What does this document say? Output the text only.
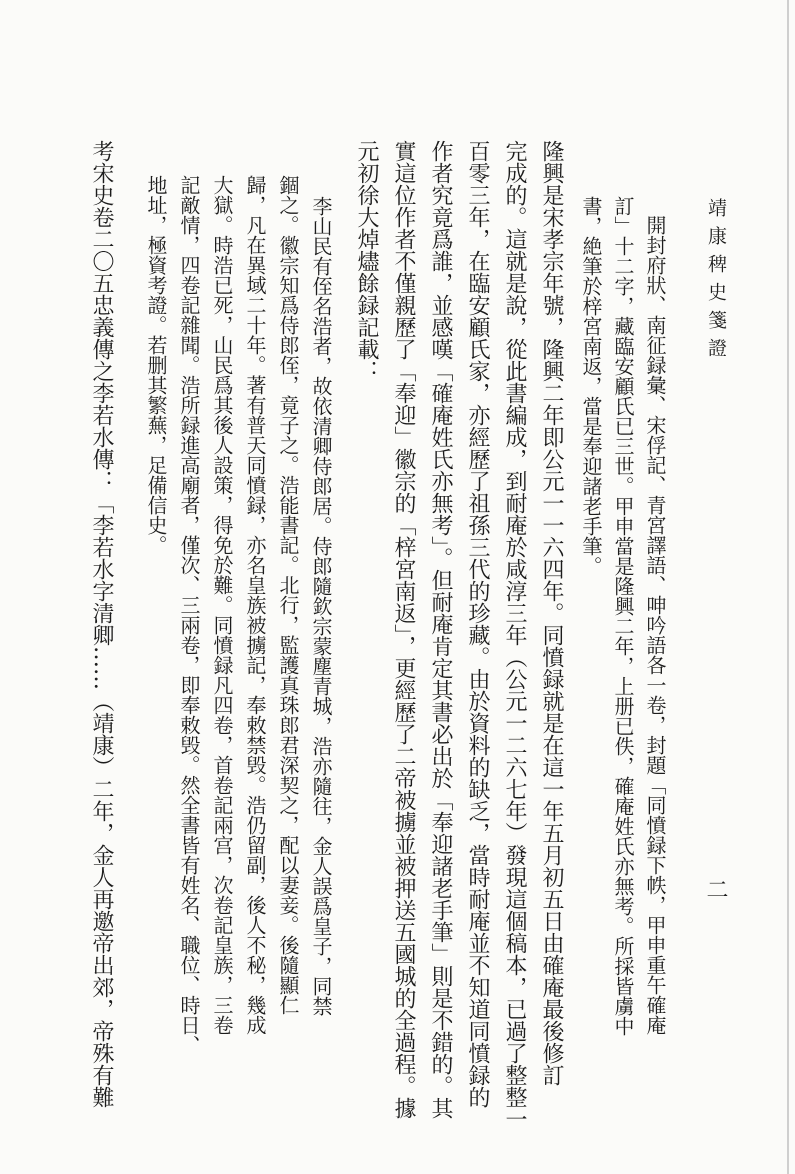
靖康稗史箋證
二
開封府狀、南征録彙、宋俘記、青宮譯語、呻吟語各一卷，封題「同憤録下帙，甲申重午確庵
訂」十二字，藏臨安顧氏已三世。甲申當是隆興二年，上册已佚，確庵姓氏亦無考。所採皆虜中
書，絶筆於梓宮南返，當是奉迎諸老手筆。
隆興是宋孝宗年號，隆興二年即公元一一六四年。同憤録就是在這一年五月初五日由確庵最後修訂
完成的。這就是說，從此書編成，到耐庵於咸淳三年（公元一二六七年）發現這個稿本，已過了整整一
百零三年，在臨安顧氏家，亦經歷了祖孫三代的珍藏。由於資料的缺乏，當時耐庵並不知道同憤録的
作者究竟爲誰，並感嘆「確庵姓氏亦無考」。但耐庵肯定其書必出於「奉迎諸老手筆」則是不錯的。其
實這位作者不僅親歷了「奉迎」徽宗的「梓宮南返」，更經歷了二帝被擄並被押送五國城的全過程。據
元初徐大焯燼餘録記載：
李山民有侄名浩者，故依清卿侍郎居。侍郎隨欽宗蒙塵青城，浩亦隨往，金人誤爲皇子，同禁
錮之。徽宗知爲侍郎侄，竟子之。浩能書記。北行，監護真珠郎君深契之，配以妻妾。後隨顯仁
歸，凡在異域二十年。著有普天同憤録，亦名皇族被擄記，奉敕禁毁。浩仍留副，後人不秘，幾成
大獄。時浩已死，山民爲其後人設策，得免於難。同憤録凡四卷，首卷記兩宫，次卷記皇族，三卷
記敵情，四卷記雜聞。浩所録進高廟者，僅次、三兩卷，即奉敕毁。然全書皆有姓名、職位、時日、
地址，極資考證。若删其繁蕪，足備信史。
考宋史卷二〇五忠義傳之李若水傳：「李若水字清卿……（靖康）二年，金人再邀帝出郊，帝殊有難
